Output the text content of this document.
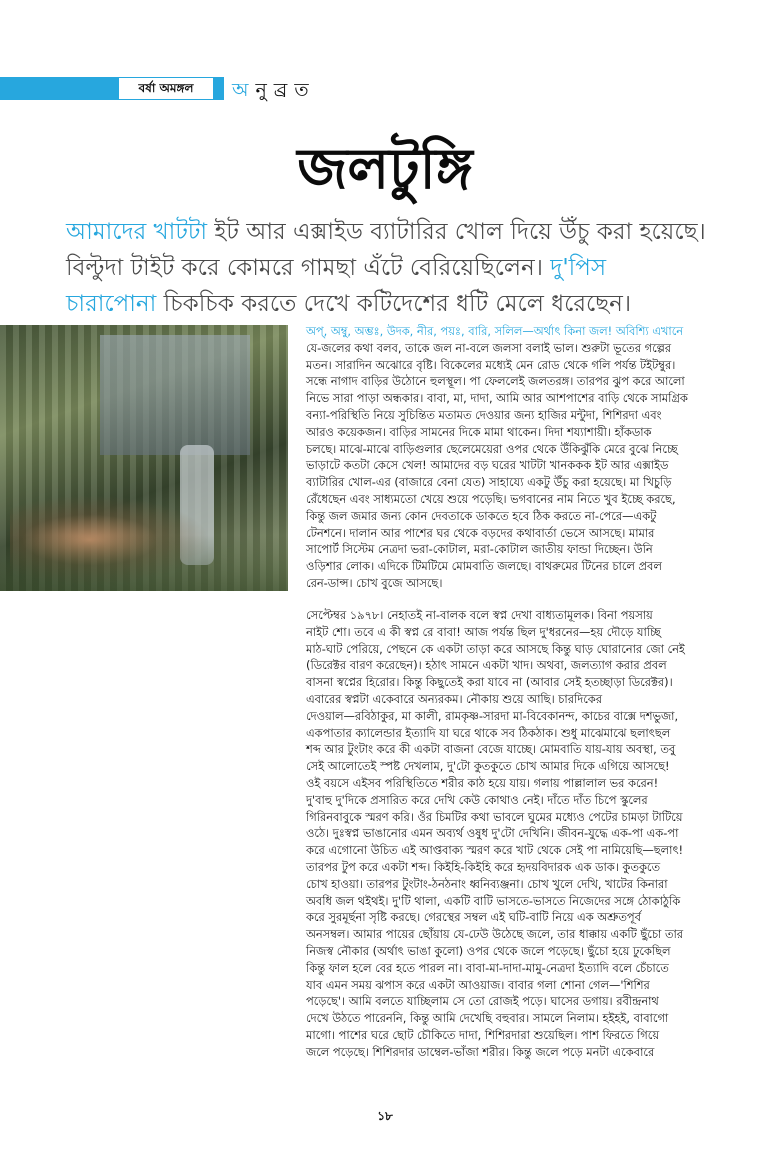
বর্ষা অমঙ্গল	অনুব্রত
জলটুঙ্গি
আমাদের খাটটা ইট আর এক্সাইড ব্যাটারির খোল দিয়ে উঁচু করা হয়েছে।
বিল্টুদা টাইট করে কোমরে গামছা এঁটে বেরিয়েছিলেন। দু'পিস
চারাপোনা চিকচিক করতে দেখে কটিদেশের ধটি মেলে ধরেছেন।
অপ্, অম্বু, অম্ভঃ, উদক, নীর, পয়ঃ, বারি, সলিল—অর্থাৎ কিনা জল! অবিশ্যি এখানে
যে-জলের কথা বলব, তাকে জল না-বলে জলসা বলাই ভাল। শুরুটা ভূতের গল্পের
মতন। সারাদিন অঝোরে বৃষ্টি। বিকেলের মধ্যেই মেন রোড থেকে গলি পর্যন্ত টইটম্বুর।
সন্ধে নাগাদ বাড়ির উঠোনে হুলস্থূল। পা ফেললেই জলতরঙ্গ। তারপর ঝুপ করে আলো
নিভে সারা পাড়া অন্ধকার। বাবা, মা, দাদা, আমি আর আশপাশের বাড়ি থেকে সামগ্রিক
বন্যা-পরিস্থিতি নিয়ে সুচিন্তিত মতামত দেওয়ার জন্য হাজির মন্টুদা, শিশিরদা এবং
আরও কয়েকজন। বাড়ির সামনের দিকে মামা থাকেন। দিদা শয্যাশায়ী। হাঁকডাক
চলছে। মাঝে-মাঝে বাড়িগুলার ছেলেমেয়েরা ওপর থেকে উঁকিঝুঁকি মেরে বুঝে নিচ্ছে
ভাড়াটে কতটা কেসে খেল! আমাদের বড় ঘরের খাটটা খানককক ইট আর এক্সাইড
ব্যাটারির খোল-এর (বাজারে বেনা যেত) সাহায্যে একটু উঁচু করা হয়েছে। মা খিচুড়ি
রেঁধেছেন এবং সাধ্যমতো খেয়ে শুয়ে পড়েছি। ভগবানের নাম নিতে খুব ইচ্ছে করছে,
কিন্তু জল জমার জন্য কোন দেবতাকে ডাকতে হবে ঠিক করতে না-পেরে—একটু
টেনশনে। দালান আর পাশের ঘর থেকে বড়দের কথাবার্তা ভেসে আসছে। মামার
সাপোর্ট সিস্টেম নেত্রদা ভরা-কোটাল, মরা-কোটাল জাতীয় ফান্ডা দিচ্ছেন। উনি
ওড়িশার লোক। এদিকে টিমটিমে মোমবাতি জলছে। বাথরুমের টিনের চালে প্রবল
রেন-ডান্স। চোখ বুজে আসছে।
সেপ্টেম্বর ১৯৭৮। নেহাতই না-বালক বলে স্বপ্ন দেখা বাধ্যতামূলক। বিনা পয়সায়
নাইট শো। তবে এ কী স্বপ্ন রে বাবা! আজ পর্যন্ত ছিল দু'ধরনের—হয় দৌড়ে যাচ্ছি
মাঠ-ঘাট পেরিয়ে, পেছনে কে একটা তাড়া করে আসছে কিন্তু ঘাড় ঘোরানোর জো নেই
(ডিরেক্টর বারণ করেছেন)। হঠাৎ সামনে একটা খাদ। অথবা, জলত্যাগ করার প্রবল
বাসনা স্বপ্নের হিরোর। কিন্তু কিছুতেই করা যাবে না (আবার সেই হতচ্ছাড়া ডিরেক্টর)।
এবারের স্বপ্নটা একেবারে অন্যরকম। নৌকায় শুয়ে আছি। চারদিকের
দেওয়াল—রবিঠাকুর, মা কালী, রামকৃষ্ণ-সারদা মা-বিবেকানন্দ, কাচের বাক্সে দশভুজা,
একপাতার ক্যালেন্ডার ইত্যাদি যা ঘরে থাকে সব ঠিকঠাক। শুধু মাঝেমাঝে ছলাৎছল
শব্দ আর টুংটাং করে কী একটা বাজনা বেজে যাচ্ছে। মোমবাতি যায়-যায় অবস্থা, তবু
সেই আলোতেই স্পষ্ট দেখলাম, দু'টো কুতকুতে চোখ আমার দিকে এগিয়ে আসছে!
ওই বয়সে এইসব পরিস্থিতিতে শরীর কাঠ হয়ে যায়। গলায় পাল্লালাল ভর করেন!
দু'বাহু দু'দিকে প্রসারিত করে দেখি কেউ কোথাও নেই। দাঁতে দাঁত চিপে স্কুলের
গিরিনবাবুকে স্মরণ করি। ওঁর চিমটির কথা ভাবলে ঘুমের মধ্যেও পেটের চামড়া টাটিয়ে
ওঠে। দুঃস্বপ্ন ভাঙানোর এমন অব্যর্থ ওষুধ দু'টো দেখিনি। জীবন-যুদ্ধে এক-পা এক-পা
করে এগোনো উচিত এই আপ্তবাক্য স্মরণ করে খাট থেকে সেই পা নামিয়েছি—ছলাৎ!
তারপর টুপ করে একটা শব্দ। কিইহি-কিইহি করে হৃদয়বিদারক এক ডাক। কুতকুতে
চোখ হাওয়া। তারপর টুংটাং-ঠনঠনাং ধ্বনিব্যঞ্জনা। চোখ খুলে দেখি, খাটের কিনারা
অবধি জল থইথই। দু'টি থালা, একটি বাটি ভাসতে-ভাসতে নিজেদের সঙ্গে ঠোকাঠুকি
করে সুরমূর্ছনা সৃষ্টি করছে। গেরস্থের সম্বল এই ঘটি-বাটি নিয়ে এক অশ্রুতপূর্ব
অনসম্বল। আমার পায়ের ছোঁয়ায় যে-ঢেউ উঠেছে জলে, তার ধাক্কায় একটি ছুঁচো তার
নিজস্ব নৌকার (অর্থাৎ ভাঙা কুলো) ওপর থেকে জলে পড়েছে। ছুঁচো হয়ে ঢুকেছিল
কিন্তু ফাল হলে বের হতে পারল না। বাবা-মা-দাদা-মামু-নেত্রদা ইত্যাদি বলে চেঁচাতে
যাব এমন সময় ঝপাস করে একটা আওয়াজ। বাবার গলা শোনা গেল—'শিশির
পড়েছে'। আমি বলতে যাচ্ছিলাম সে তো রোজই পড়ে। ঘাসের ডগায়। রবীন্দ্রনাথ
দেখে উঠতে পারেননি, কিন্তু আমি দেখেছি বহুবার। সামলে নিলাম। হইহই, বাবাগো
মাগো। পাশের ঘরে ছোট চৌকিতে দাদা, শিশিরদারা শুয়েছিল। পাশ ফিরতে গিয়ে
জলে পড়েছে। শিশিরদার ডাম্বেল-ভাঁজা শরীর। কিন্তু জলে পড়ে মনটা একেবারে
১৮
